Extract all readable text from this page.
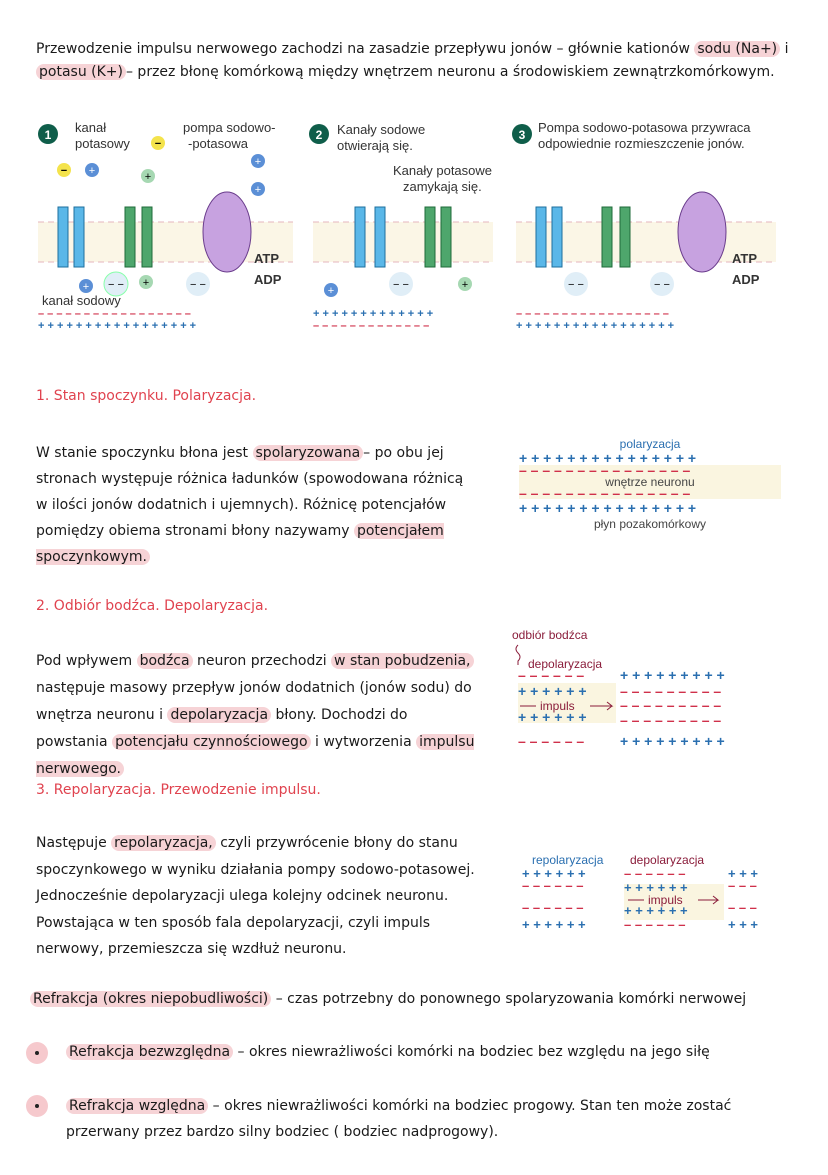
Przewodzenie impulsu nerwowego zachodzi na zasadzie przepływu jonów – głównie kationów sodu (Na+) i potasu (K+) – przez błonę komórkową między wnętrzem neuronu a środowiskiem zewnątrzkomórkowym.
1 kanał
potasowy
pompa sodowo-
-potasowa
− +
−
+
+
+
− −	− −
+	+
ATP
ADP
kanał sodowy
– – – – – – – – – – – – – – – – –
+ + + + + + + + + + + + + + + + +
2 Kanały sodowe
otwierają się.
Kanały potasowe
zamykają się.
+	− −	+
+ + + + + + + + + + + + +
– – – – – – – – – – – – –
3 Pompa sodowo-potasowa przywraca
odpowiednie rozmieszczenie jonów.
− −	− −
ATP
ADP
– – – – – – – – – – – – – – – – –
+ + + + + + + + + + + + + + + + +
1. Stan spoczynku. Polaryzacja.
W stanie spoczynku błona jest spolaryzowana – po obu jej stronach występuje różnica ładunków (spowodowana różnicą w ilości jonów dodatnich i ujemnych). Różnicę potencjałów pomiędzy obiema stronami błony nazywamy potencjałem spoczynkowym.
polaryzacja
+ + + + + + + + + + + + + + +
– – – – – – – – – – – – – – –
wnętrze neuronu
– – – – – – – – – – – – – – –
+ + + + + + + + + + + + + + +
płyn pozakomórkowy
2. Odbiór bodźca. Depolaryzacja.
Pod wpływem bodźca neuron przechodzi w stan pobudzenia, następuje masowy przepływ jonów dodatnich (jonów sodu) do wnętrza neuronu i depolaryzacja błony. Dochodzi do powstania potencjału czynnościowego i wytworzenia impulsu nerwowego.
odbiór bodźca
depolaryzacja
– – – – – –	+ + + + + + + + +
+ + + + + + – – – – – – – – –
impuls	– – – – – – – – –
+ + + + + + – – – – – – – – –
– – – – – –	+ + + + + + + + +
3. Repolaryzacja. Przewodzenie impulsu.
Następuje repolaryzacja, czyli przywrócenie błony do stanu spoczynkowego w wyniku działania pompy sodowo-potasowej. Jednocześnie depolaryzacji ulega kolejny odcinek neuronu. Powstająca w ten sposób fala depolaryzacji, czyli impuls nerwowy, przemieszcza się wzdłuż neuronu.
repolaryzacja depolaryzacja
+ + + + + +	– – – – – –	+ + +
– – – – – –	+ + + + + +	– – –
impuls
– – – – – –	+ + + + + +	– – –
+ + + + + +	– – – – – –	+ + +
Refrakcja (okres niepobudliwości) – czas potrzebny do ponownego spolaryzowania komórki nerwowej
Refrakcja bezwzględna – okres niewrażliwości komórki na bodziec bez względu na jego siłę
Refrakcja względna – okres niewrażliwości komórki na bodziec progowy. Stan ten może zostać przerwany przez bardzo silny bodziec ( bodziec nadprogowy).
